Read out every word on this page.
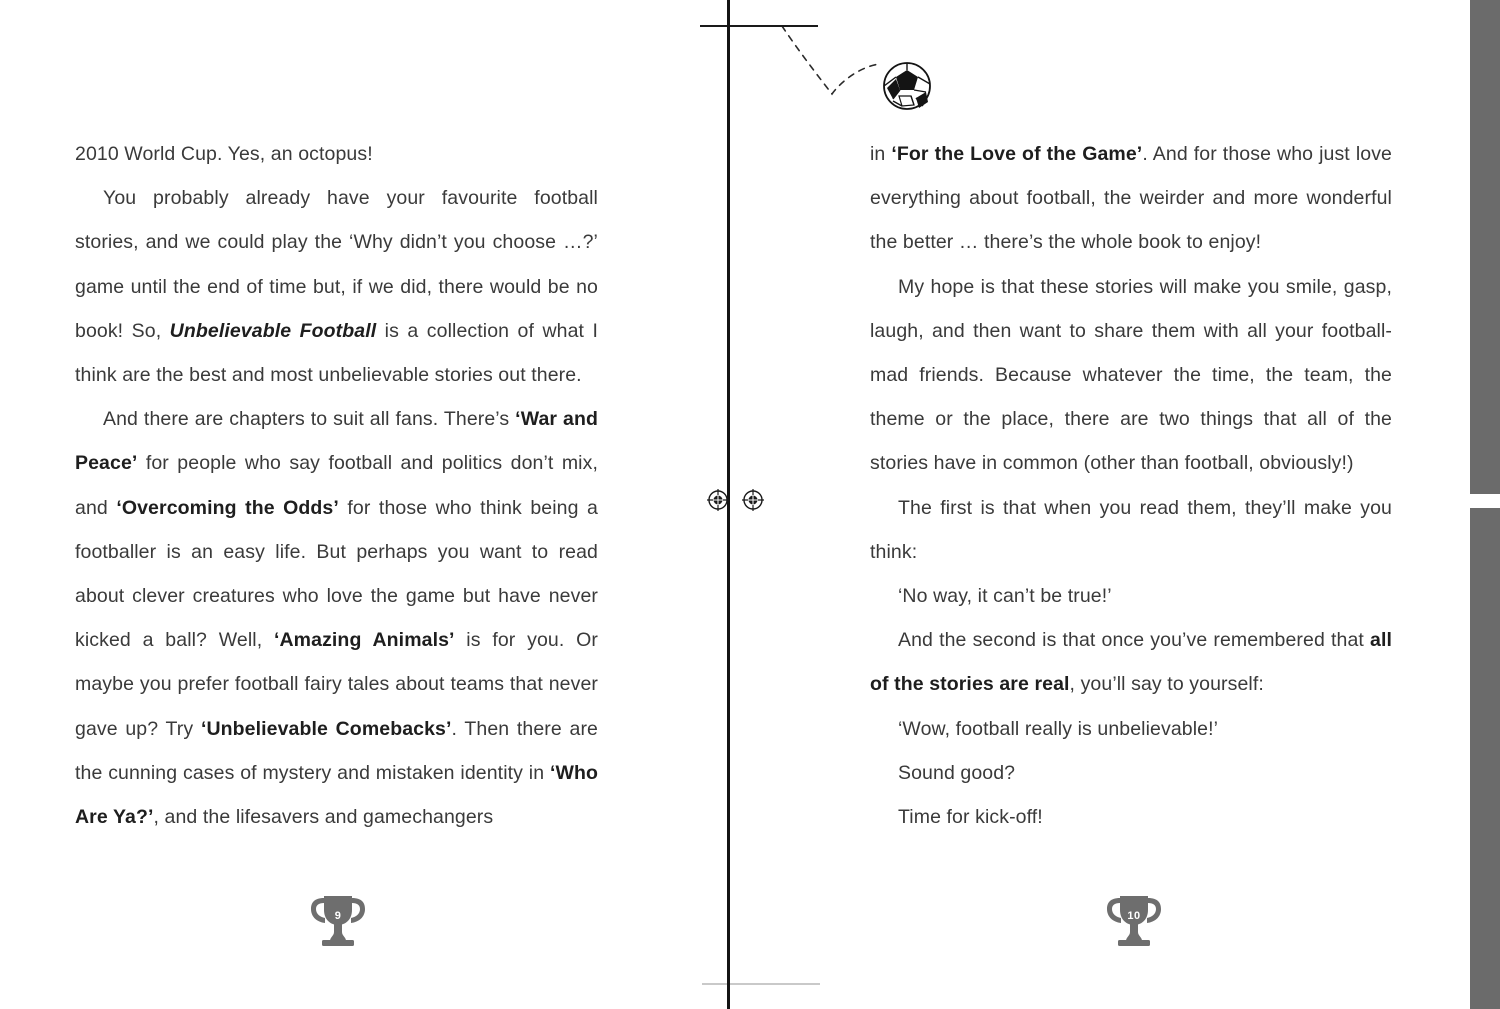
2010 World Cup. Yes, an octopus!

You probably already have your favourite football stories, and we could play the ‘Why didn’t you choose …?’ game until the end of time but, if we did, there would be no book! So, Unbelievable Football is a collection of what I think are the best and most unbelievable stories out there.

And there are chapters to suit all fans. There’s ‘War and Peace’ for people who say football and politics don’t mix, and ‘Overcoming the Odds’ for those who think being a footballer is an easy life. But perhaps you want to read about clever creatures who love the game but have never kicked a ball? Well, ‘Amazing Animals’ is for you. Or maybe you prefer football fairy tales about teams that never gave up? Try ‘Unbelievable Comebacks’. Then there are the cunning cases of mystery and mistaken identity in ‘Who Are Ya?’, and the lifesavers and gamechangers

9

in ‘For the Love of the Game’. And for those who just love everything about football, the weirder and more wonderful the better … there’s the whole book to enjoy!

My hope is that these stories will make you smile, gasp, laugh, and then want to share them with all your football-mad friends. Because whatever the time, the team, the theme or the place, there are two things that all of the stories have in common (other than football, obviously!)

The first is that when you read them, they’ll make you think:

‘No way, it can’t be true!’

And the second is that once you’ve remembered that all of the stories are real, you’ll say to yourself:

‘Wow, football really is unbelievable!’

Sound good?

Time for kick-off!

10
